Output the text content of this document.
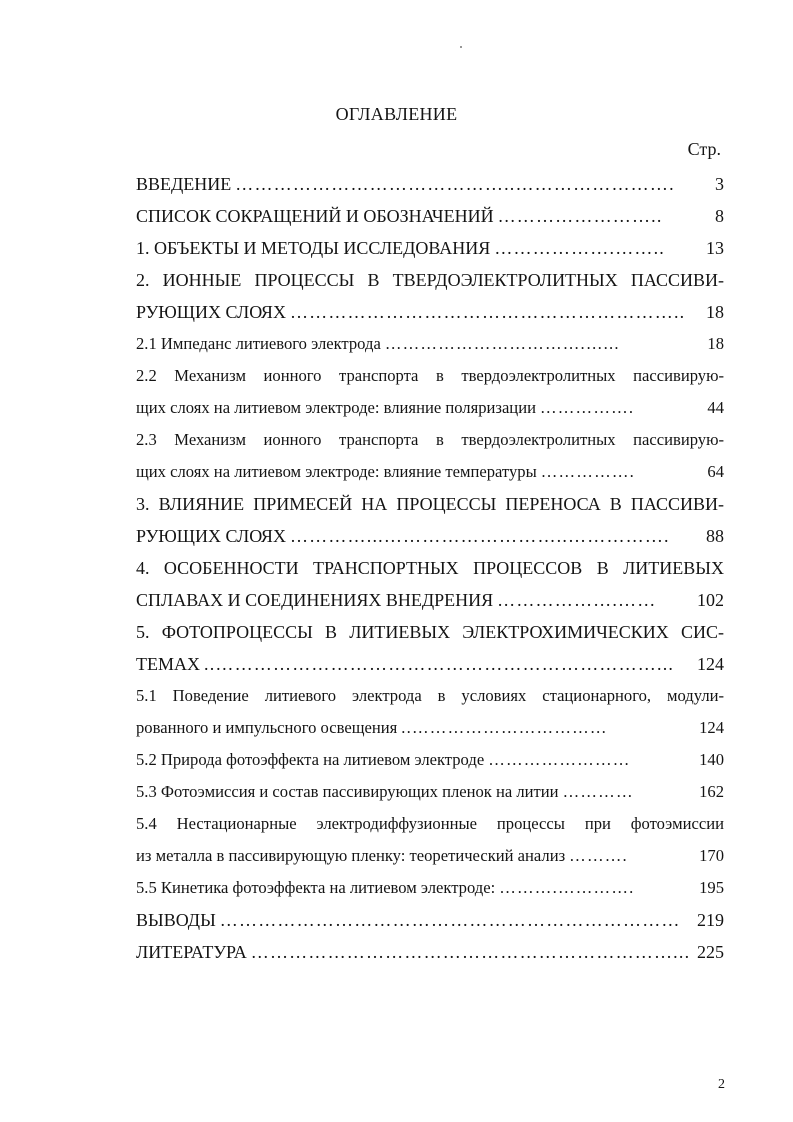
ОГЛАВЛЕНИЕ
Стр.
ВВЕДЕНИЕ ……………………………………..…………………….	3
СПИСОК СОКРАЩЕНИЙ И ОБОЗНАЧЕНИЙ ……………………..	8
1. ОБЪЕКТЫ И МЕТОДЫ ИССЛЕДОВАНИЯ ……………….……..	13
2. ИОННЫЕ ПРОЦЕССЫ В ТВЕРДОЭЛЕКТРОЛИТНЫХ ПАССИВИ-
РУЮЩИХ СЛОЯХ ……………………………………………………..	18
2.1 Импеданс литиевого электрода …………………………….…...	18
2.2 Механизм ионного транспорта в твердоэлектролитных пассивирую-
щих слоях на литиевом электроде: влияние поляризации …………….	44
2.3 Механизм ионного транспорта в твердоэлектролитных пассивирую-
щих слоях на литиевом электроде: влияние температуры …………….	64
3. ВЛИЯНИЕ ПРИМЕСЕЙ НА ПРОЦЕССЫ ПЕРЕНОСА В ПАССИВИ-
РУЮЩИХ СЛОЯХ …………...………………………..…………….	88
4. ОСОБЕННОСТИ ТРАНСПОРТНЫХ ПРОЦЕССОВ В ЛИТИЕВЫХ
СПЛАВАХ И СОЕДИНЕНИЯХ ВНЕДРЕНИЯ ……………….……	102
5. ФОТОПРОЦЕССЫ В ЛИТИЕВЫХ ЭЛЕКТРОХИМИЧЕСКИХ СИС-
ТЕМАХ ..……………………………………………………………...	124
5.1 Поведение литиевого электрода в условиях стационарного, модули-
рованного и импульсного освещения ..……………………………	124
5.2 Природа фотоэффекта на литиевом электроде ……………………	140
5.3 Фотоэмиссия и состав пассивирующих пленок на литии …………	162
5.4 Нестационарные электродиффузионные процессы при фотоэмиссии
из металла в пассивирующую пленку: теоретический анализ ……….	170
5.5 Кинетика фотоэффекта на литиевом электроде: ……….………….	195
ВЫВОДЫ ……………………………………………………………… 219
ЛИТЕРАТУРА …………………………………………………………... 225
2
